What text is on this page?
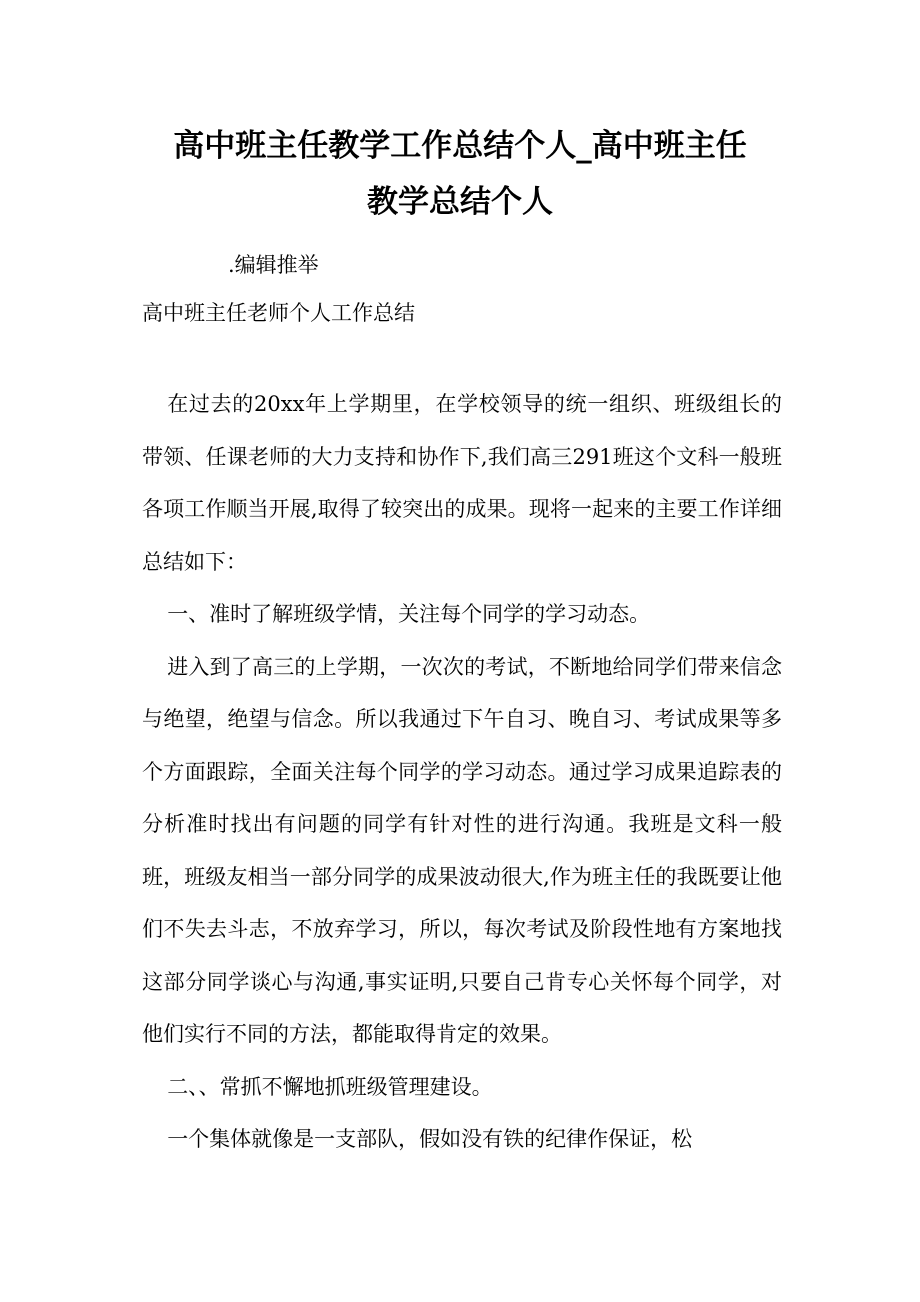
高中班主任教学工作总结个人_高中班主任
教学总结个人
.编辑推举
高中班主任老师个人工作总结

在过去的20xx年上学期里，在学校领导的统一组织、班级组长的带领、任课老师的大力支持和协作下,我们高三291班这个文科一般班各项工作顺当开展,取得了较突出的成果。现将一起来的主要工作详细总结如下：

一、准时了解班级学情，关注每个同学的学习动态。

进入到了高三的上学期，一次次的考试，不断地给同学们带来信念与绝望，绝望与信念。所以我通过下午自习、晚自习、考试成果等多个方面跟踪，全面关注每个同学的学习动态。通过学习成果追踪表的分析准时找出有问题的同学有针对性的进行沟通。我班是文科一般班，班级友相当一部分同学的成果波动很大,作为班主任的我既要让他们不失去斗志，不放弃学习，所以，每次考试及阶段性地有方案地找这部分同学谈心与沟通,事实证明,只要自己肯专心关怀每个同学，对他们实行不同的方法，都能取得肯定的效果。

二、、常抓不懈地抓班级管理建设。

一个集体就像是一支部队，假如没有铁的纪律作保证，松
